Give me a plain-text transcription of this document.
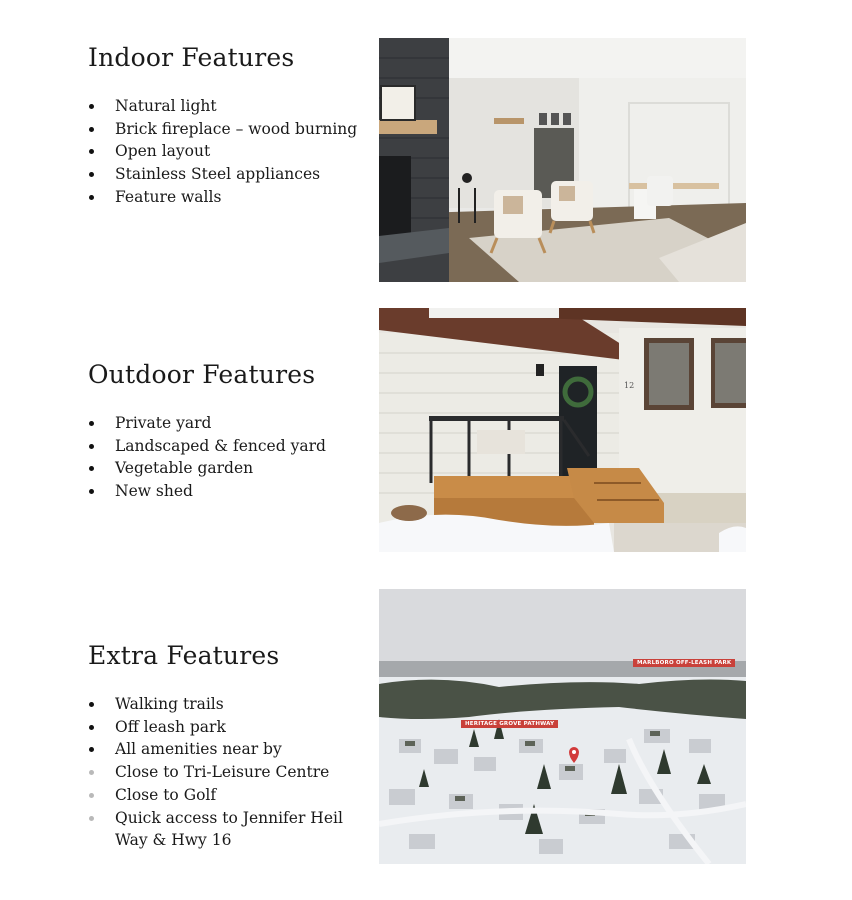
Indoor Features
Natural light
Brick fireplace – wood burning
Open layout
Stainless Steel appliances
Feature walls
Outdoor Features
Private yard
Landscaped & fenced yard
Vegetable garden
New shed
12
Extra Features
Walking trails
Off leash park
All amenities near by
Close to Tri-Leisure Centre
Close to Golf
Quick access to Jennifer Heil Way & Hwy 16
MARLBORO OFF-LEASH PARK
HERITAGE GROVE PATHWAY
